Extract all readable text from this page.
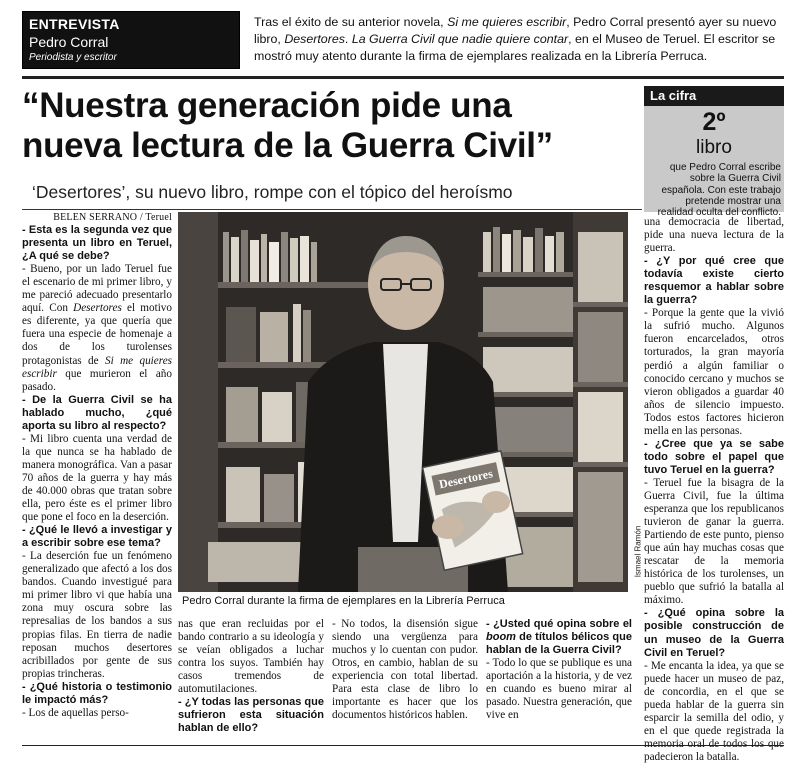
ENTREVISTA
Pedro Corral
Periodista y escritor
Tras el éxito de su anterior novela, Si me quieres escribir, Pedro Corral presentó ayer su nuevo libro, Desertores. La Guerra Civil que nadie quiere contar, en el Museo de Teruel. El escritor se mostró muy atento durante la firma de ejemplares realizada en la Librería Perruca.
“Nuestra generación pide una
nueva lectura de la Guerra Civil”
‘Desertores’, su nuevo libro, rompe con el tópico del heroísmo
La cifra
2º
libro
que Pedro Corral escribe sobre la Guerra Civil española. Con este trabajo pretende mostrar una realidad oculta del conflicto.
BELEN SERRANO / Teruel

- Esta es la segunda vez que presenta un libro en Teruel, ¿A qué se debe?

- Bueno, por un lado Teruel fue el escenario de mi primer libro, y me pareció adecuado presentarlo aquí. Con Desertores el motivo es diferente, ya que quería que fuera una especie de homenaje a dos de los turolenses protagonistas de Si me quieres escribir que murieron el año pasado.

- De la Guerra Civil se ha hablado mucho, ¿qué aporta su libro al respecto?

- Mi libro cuenta una verdad de la que nunca se ha hablado de manera monográfica. Van a pasar 70 años de la guerra y hay más de 40.000 obras que tratan sobre ella, pero éste es el primer libro que pone el foco en la deserción.

- ¿Qué le llevó a investigar y a escribir sobre ese tema?

- La deserción fue un fenómeno generalizado que afectó a los dos bandos. Cuando investigué para mi primer libro vi que había una zona muy oscura sobre las represalias de los bandos a sus propias filas. En tierra de nadie reposan muchos desertores acribillados por gente de sus propias trincheras.

- ¿Qué historia o testimonio le impactó más?

- Los de aquellas perso-

Desertores
Pedro Corral durante la firma de ejemplares en la Librería Perruca
Ismael Ramón

nas que eran recluidas por el bando contrario a su ideología y se veían obligados a luchar contra los suyos. También hay casos tremendos de automutilaciones.

- ¿Y todas las personas que sufrieron esta situación hablan de ello?

- No todos, la disensión sigue siendo una vergüenza para muchos y lo cuentan con pudor. Otros, en cambio, hablan de su experiencia con total libertad. Para esta clase de libro lo importante es hacer que los documentos históricos hablen.

- ¿Usted qué opina sobre el boom de títulos bélicos que hablan de la Guerra Civil?

- Todo lo que se publique es una aportación a la historia, y de vez en cuando es bueno mirar al pasado. Nuestra generación, que vive en

una democracia de libertad, pide una nueva lectura de la guerra.

- ¿Y por qué cree que todavía existe cierto resquemor a hablar sobre la guerra?

- Porque la gente que la vivió la sufrió mucho. Algunos fueron encarcelados, otros torturados, la gran mayoría perdió a algún familiar o conocido cercano y muchos se vieron obligados a guardar 40 años de silencio impuesto. Todos estos factores hicieron mella en las personas.

- ¿Cree que ya se sabe todo sobre el papel que tuvo Teruel en la guerra?

- Teruel fue la bisagra de la Guerra Civil, fue la última esperanza que los republicanos tuvieron de ganar la guerra. Partiendo de este punto, pienso que aún hay muchas cosas que rescatar de la memoria histórica de los turolenses, un pueblo que sufrió la batalla al máximo.

- ¿Qué opina sobre la posible construcción de un museo de la Guerra Civil en Teruel?

- Me encanta la idea, ya que se puede hacer un museo de paz, de concordia, en el que se pueda hablar de la guerra sin esparcir la semilla del odio, y en el que quede registrada la memoria oral de todos los que padecieron la batalla.
